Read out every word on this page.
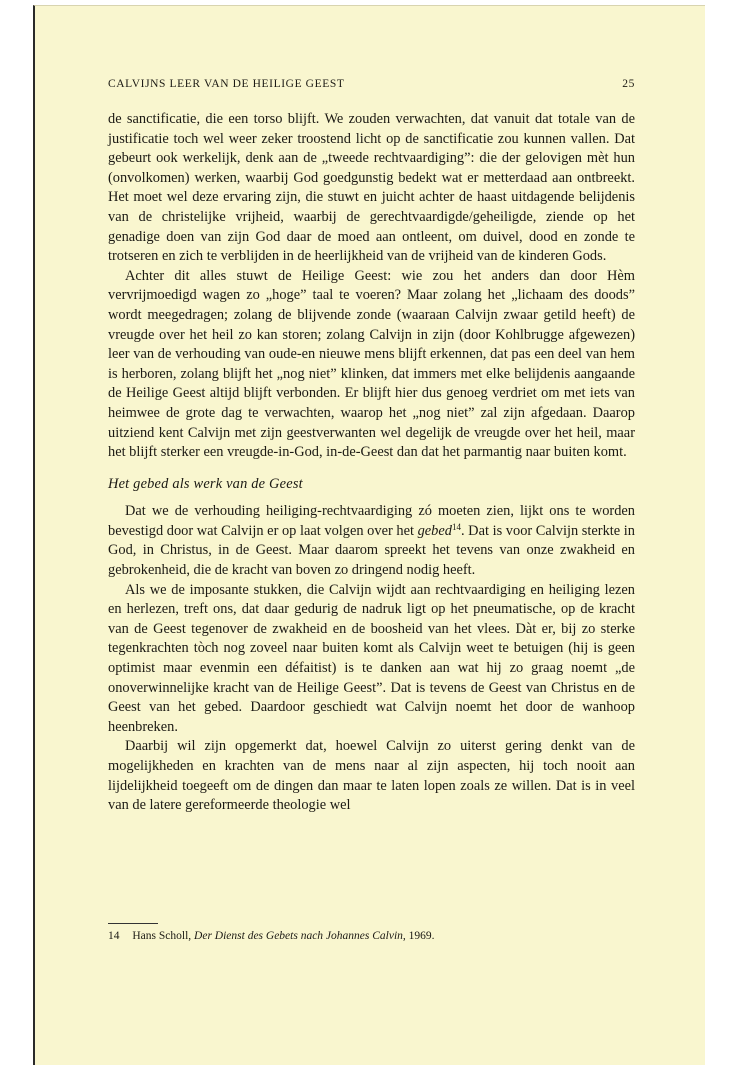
CALVIJNS LEER VAN DE HEILIGE GEEST	25

de sanctificatie, die een torso blijft. We zouden verwachten, dat vanuit dat totale van de justificatie toch wel weer zeker troostend licht op de sanctificatie zou kunnen vallen. Dat gebeurt ook werkelijk, denk aan de „tweede rechtvaardiging”: die der gelovigen mèt hun (onvolkomen) werken, waarbij God goedgunstig bedekt wat er metterdaad aan ontbreekt. Het moet wel deze ervaring zijn, die stuwt en juicht achter de haast uitdagende belijdenis van de christelijke vrijheid, waarbij de gerechtvaardigde/geheiligde, ziende op het genadige doen van zijn God daar de moed aan ontleent, om duivel, dood en zonde te trotseren en zich te verblijden in de heerlijkheid van de vrijheid van de kinderen Gods.

Achter dit alles stuwt de Heilige Geest: wie zou het anders dan door Hèm vervrijmoedigd wagen zo „hoge” taal te voeren? Maar zolang het „lichaam des doods” wordt meegedragen; zolang de blijvende zonde (waaraan Calvijn zwaar getild heeft) de vreugde over het heil zo kan storen; zolang Calvijn in zijn (door Kohlbrugge afgewezen) leer van de verhouding van oude-en nieuwe mens blijft erkennen, dat pas een deel van hem is herboren, zolang blijft het „nog niet” klinken, dat immers met elke belijdenis aangaande de Heilige Geest altijd blijft verbonden. Er blijft hier dus genoeg verdriet om met iets van heimwee de grote dag te verwachten, waarop het „nog niet” zal zijn afgedaan. Daarop uitziend kent Calvijn met zijn geestverwanten wel degelijk de vreugde over het heil, maar het blijft sterker een vreugde-in-God, in-de-Geest dan dat het parmantig naar buiten komt.

Het gebed als werk van de Geest

Dat we de verhouding heiliging-rechtvaardiging zó moeten zien, lijkt ons te worden bevestigd door wat Calvijn er op laat volgen over het gebed$^{14}$. Dat is voor Calvijn sterkte in God, in Christus, in de Geest. Maar daarom spreekt het tevens van onze zwakheid en gebrokenheid, die de kracht van boven zo dringend nodig heeft.

Als we de imposante stukken, die Calvijn wijdt aan rechtvaardiging en heiliging lezen en herlezen, treft ons, dat daar gedurig de nadruk ligt op het pneumatische, op de kracht van de Geest tegenover de zwakheid en de boosheid van het vlees. Dàt er, bij zo sterke tegenkrachten tòch nog zoveel naar buiten komt als Calvijn weet te betuigen (hij is geen optimist maar evenmin een défaitist) is te danken aan wat hij zo graag noemt „de onoverwinnelijke kracht van de Heilige Geest”. Dat is tevens de Geest van Christus en de Geest van het gebed. Daardoor geschiedt wat Calvijn noemt het door de wanhoop heenbreken.

Daarbij wil zijn opgemerkt dat, hoewel Calvijn zo uiterst gering denkt van de mogelijkheden en krachten van de mens naar al zijn aspecten, hij toch nooit aan lijdelijkheid toegeeft om de dingen dan maar te laten lopen zoals ze willen. Dat is in veel van de latere gereformeerde theologie wel

14 Hans Scholl, Der Dienst des Gebets nach Johannes Calvin, 1969.
